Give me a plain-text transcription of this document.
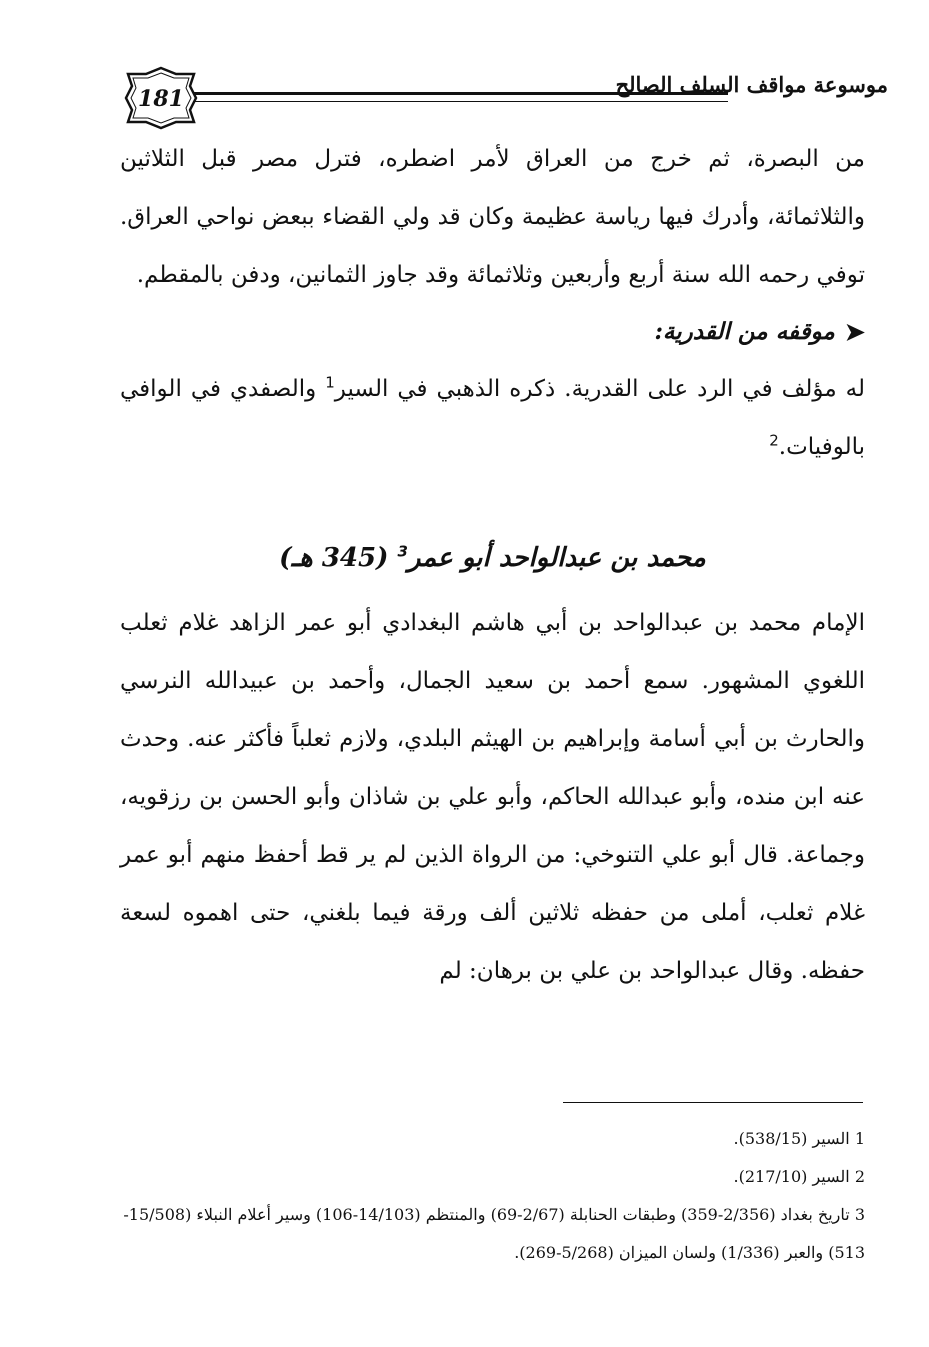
181
موسوعة مواقف السلف الصالح

من البصرة، ثم خرج من العراق لأمر اضطره، فترل مصر قبل الثلاثين والثلاثمائة، وأدرك فيها رياسة عظيمة وكان قد ولي القضاء ببعض نواحي العراق. توفي رحمه الله سنة أربع وأربعين وثلاثمائة وقد جاوز الثمانين، ودفن بالمقطم.

➤
موقفه من القدرية:

له مؤلف في الرد على القدرية. ذكره الذهبي في السير$^1$ والصفدي في الوافي بالوفيات.$^2$

محمد بن عبدالواحد أبو عمر$^3$ (345 هـ)

الإمام محمد بن عبدالواحد بن أبي هاشم البغدادي أبو عمر الزاهد غلام ثعلب اللغوي المشهور. سمع أحمد بن سعيد الجمال، وأحمد بن عبيدالله النرسي والحارث بن أبي أسامة وإبراهيم بن الهيثم البلدي، ولازم ثعلباً فأكثر عنه. وحدث عنه ابن منده، وأبو عبدالله الحاكم، وأبو علي بن شاذان وأبو الحسن بن رزقويه، وجماعة. قال أبو علي التنوخي: من الرواة الذين لم ير قط أحفظ منهم أبو عمر غلام ثعلب، أملى من حفظه ثلاثين ألف ورقة فيما بلغني، حتى اهموه لسعة حفظه. وقال عبدالواحد بن علي بن برهان: لم

1 السير (538/15).

2 السير (217/10).

3 تاريخ بغداد (2/356-359) وطبقات الحنابلة (2/67-69) والمنتظم (14/103-106) وسير أعلام النبلاء (15/508-513) والعبر (1/336) ولسان الميزان (5/268-269).
